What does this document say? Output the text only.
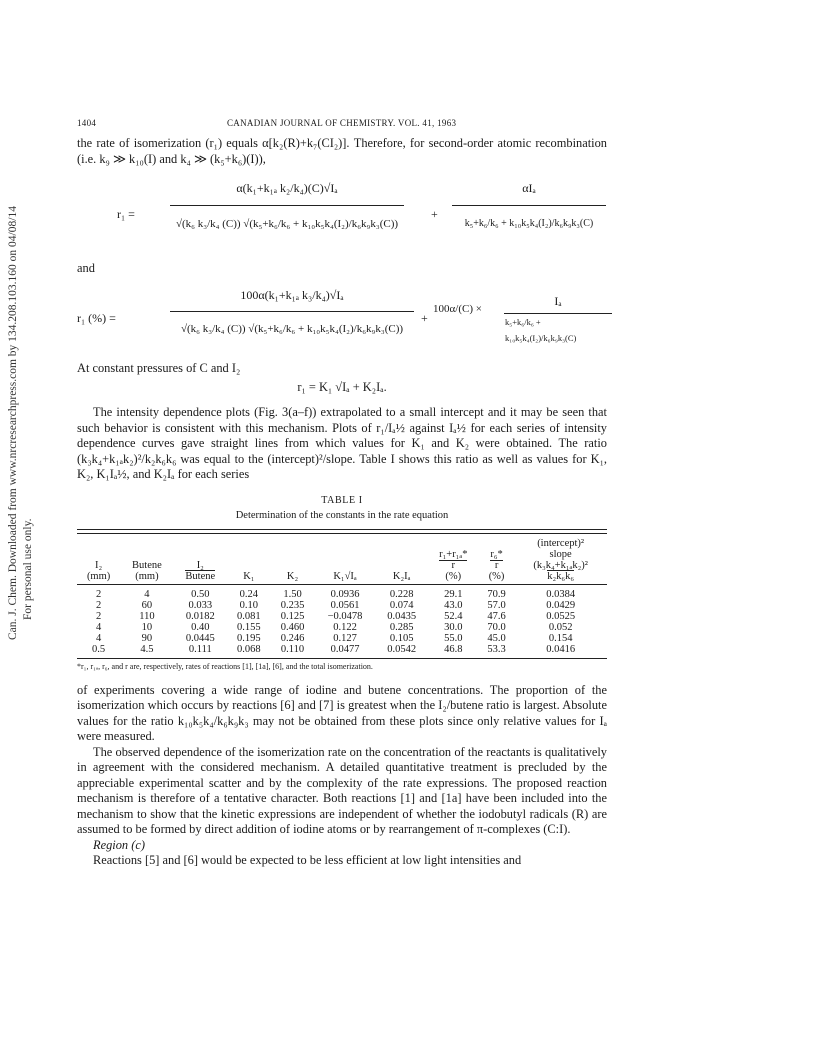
Can. J. Chem. Downloaded from www.nrcresearchpress.com by 134.208.103.160 on 04/08/14 For personal use only.
1404	CANADIAN JOURNAL OF CHEMISTRY. VOL. 41, 1963

the rate of isomerization (r₁) equals α[k₂(R)+k₇(CI₂)]. Therefore, for second-order atomic recombination (i.e. k₉ ≫ k₁₀(I) and k₄ ≫ (k₅+k₆)(I)),

r₁ =	$\frac{\text{α(k₁+k₁ₐ k₂/k₄)(C)√Iₐ}}{\text{√(k₆ k₃/k₄ (C)) √(k₅+k₆/k₆ + k₁₀k₅k₄(I₂)/k₆k₉k₃(C))}}$ +
αIₐ
k₅+k₆/k₆ + k₁₀k₅k₄(I₂)/k₆k₉k₃(C)

and

r₁ (%) =	$\frac{\text{100α(k₁+k₁ₐ k₃/k₄)√Iₐ}}{\text{√(k₆ k₃/k₄ (C)) √(k₅+k₆/k₆ + k₁₀k₅k₄(I₂)/k₆k₉k₃(C))}}$ +
100α/(C) ×
Iₐ
k₅+k₆/k₆ + k₁₀k₅k₄(I₂)/k₆k₉k₃(C)

At constant pressures of C and I₂

r₁ = K₁ √Iₐ + K₂Iₐ.

The intensity dependence plots (Fig. 3(a–f)) extrapolated to a small intercept and it may be seen that such behavior is consistent with this mechanism. Plots of r₁/Iₐ½ against Iₐ½ for each series of intensity dependence curves gave straight lines from which values for K₁ and K₂ were obtained. The ratio (k₃k₄+k₁ₐk₂)²/k₂k₆k₆ was equal to the (intercept)²/slope. Table I shows this ratio as well as values for K₁, K₂, K₁Iₐ½, and K₂Iₐ for each series

TABLE I
Determination of the constants in the rate equation

I₂
(mm)	Butene
(mm)	I₂
Butene	K₁	K₂	K₁√Iₐ	K₂Iₐ	r₁+r₁ₐ*
r
(%)	r₆*
r
(%)	(intercept)²
slope
(k₃k₄+k₁ₐk₂)²
k₂k₆k₆
2	4	0.50	0.24	1.50	0.0936	0.228	29.1	70.9	0.0384
2	60	0.033	0.10	0.235	0.0561	0.074	43.0	57.0	0.0429
2	110	0.0182	0.081	0.125	−0.0478	0.0435	52.4	47.6	0.0525
4	10	0.40	0.155	0.460	0.122	0.285	30.0	70.0	0.052
4	90	0.0445	0.195	0.246	0.127	0.105	55.0	45.0	0.154
0.5	4.5	0.111	0.068	0.110	0.0477	0.0542	46.8	53.3	0.0416
*r₁, r₁ₐ, r₆, and r are, respectively, rates of reactions [1], [1a], [6], and the total isomerization.

of experiments covering a wide range of iodine and butene concentrations. The proportion of the isomerization which occurs by reactions [6] and [7] is greatest when the I₂/butene ratio is largest. Absolute values for the ratio k₁₀k₅k₄/k₆k₉k₃ may not be obtained from these plots since only relative values for Iₐ were measured.

The observed dependence of the isomerization rate on the concentration of the reactants is qualitatively in agreement with the considered mechanism. A detailed quantitative treatment is precluded by the appreciable experimental scatter and by the complexity of the rate expressions. The proposed reaction mechanism is therefore of a tentative character. Both reactions [1] and [1a] have been included into the mechanism to show that the kinetic expressions are independent of whether the iodobutyl radicals (R) are assumed to be formed by direct addition of iodine atoms or by rearrangement of π-complexes (C:I).

Region (c)

Reactions [5] and [6] would be expected to be less efficient at low light intensities and
